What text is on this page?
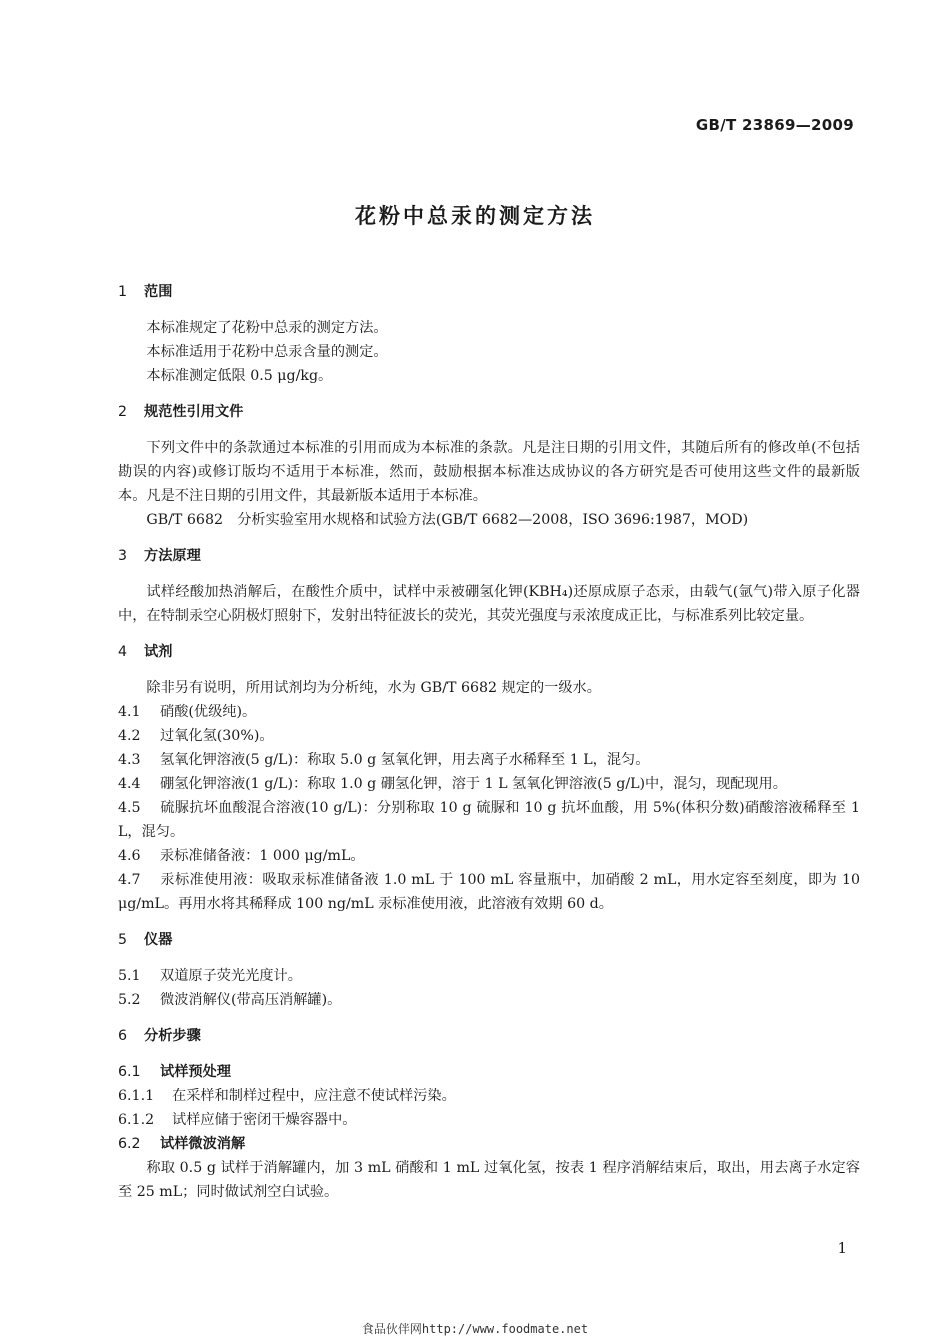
GB/T 23869—2009
花粉中总汞的测定方法
1 范围

本标准规定了花粉中总汞的测定方法。

本标准适用于花粉中总汞含量的测定。

本标准测定低限 0.5 μg/kg。

2 规范性引用文件

下列文件中的条款通过本标准的引用而成为本标准的条款。凡是注日期的引用文件，其随后所有的修改单(不包括勘误的内容)或修订版均不适用于本标准，然而，鼓励根据本标准达成协议的各方研究是否可使用这些文件的最新版本。凡是不注日期的引用文件，其最新版本适用于本标准。

GB/T 6682　分析实验室用水规格和试验方法(GB/T 6682—2008，ISO 3696:1987，MOD)

3 方法原理

试样经酸加热消解后，在酸性介质中，试样中汞被硼氢化钾(KBH₄)还原成原子态汞，由载气(氩气)带入原子化器中，在特制汞空心阴极灯照射下，发射出特征波长的荧光，其荧光强度与汞浓度成正比，与标准系列比较定量。

4 试剂

除非另有说明，所用试剂均为分析纯，水为 GB/T 6682 规定的一级水。

4.1 硝酸(优级纯)。

4.2 过氧化氢(30%)。

4.3 氢氧化钾溶液(5 g/L)：称取 5.0 g 氢氧化钾，用去离子水稀释至 1 L，混匀。

4.4 硼氢化钾溶液(1 g/L)：称取 1.0 g 硼氢化钾，溶于 1 L 氢氧化钾溶液(5 g/L)中，混匀，现配现用。

4.5 硫脲抗坏血酸混合溶液(10 g/L)：分别称取 10 g 硫脲和 10 g 抗坏血酸，用 5%(体积分数)硝酸溶液稀释至 1 L，混匀。

4.6 汞标准储备液：1 000 μg/mL。

4.7 汞标准使用液：吸取汞标准储备液 1.0 mL 于 100 mL 容量瓶中，加硝酸 2 mL，用水定容至刻度，即为 10 μg/mL。再用水将其稀释成 100 ng/mL 汞标准使用液，此溶液有效期 60 d。

5 仪器

5.1 双道原子荧光光度计。

5.2 微波消解仪(带高压消解罐)。

6 分析步骤

6.1 试样预处理

6.1.1 在采样和制样过程中，应注意不使试样污染。

6.1.2 试样应储于密闭干燥容器中。

6.2 试样微波消解

称取 0.5 g 试样于消解罐内，加 3 mL 硝酸和 1 mL 过氧化氢，按表 1 程序消解结束后，取出，用去离子水定容至 25 mL；同时做试剂空白试验。

1
食品伙伴网http://www.foodmate.net
